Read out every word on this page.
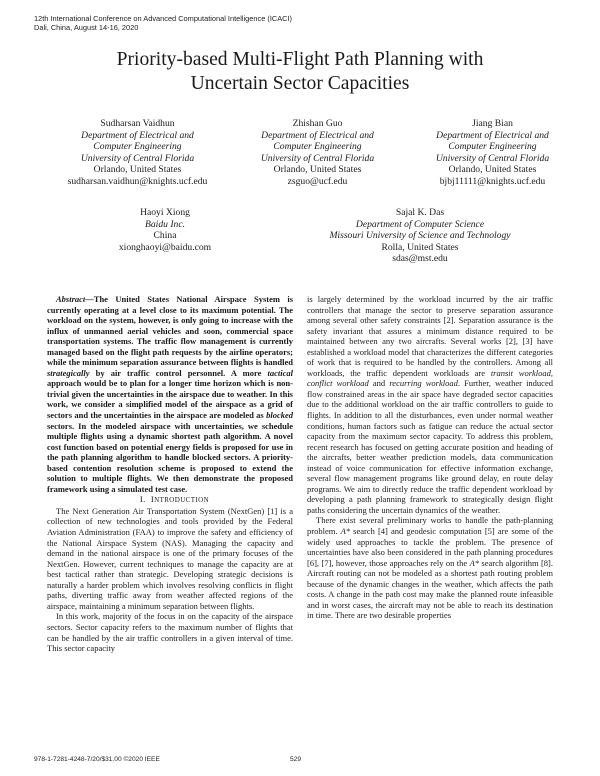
12th International Conference on Advanced Computational Intelligence (ICACI)
Dali, China, August 14-16, 2020
Priority-based Multi-Flight Path Planning with
Uncertain Sector Capacities
Sudharsan Vaidhun
Department of Electrical and
Computer Engineering
University of Central Florida
Orlando, United States
sudharsan.vaidhun@knights.ucf.edu
Zhishan Guo
Department of Electrical and
Computer Engineering
University of Central Florida
Orlando, United States
zsguo@ucf.edu
Jiang Bian
Department of Electrical and
Computer Engineering
University of Central Florida
Orlando, United States
bjbj11111@knights.ucf.edu
Haoyi Xiong
Baidu Inc.
China
xionghaoyi@baidu.com
Sajal K. Das
Department of Computer Science
Missouri University of Science and Technology
Rolla, United States
sdas@mst.edu

Abstract—The United States National Airspace System is currently operating at a level close to its maximum potential. The workload on the system, however, is only going to increase with the influx of unmanned aerial vehicles and soon, commercial space transportation systems. The traffic flow management is currently managed based on the flight path requests by the airline operators; while the minimum separation assurance between flights is handled strategically by air traffic control personnel. A more tactical approach would be to plan for a longer time horizon which is non-trivial given the uncertainties in the airspace due to weather. In this work, we consider a simplified model of the airspace as a grid of sectors and the uncertainties in the airspace are modeled as blocked sectors. In the modeled airspace with uncertainties, we schedule multiple flights using a dynamic shortest path algorithm. A novel cost function based on potential energy fields is proposed for use in the path planning algorithm to handle blocked sectors. A priority-based contention resolution scheme is proposed to extend the solution to multiple flights. We then demonstrate the proposed framework using a simulated test case.

I. INTRODUCTION

The Next Generation Air Transportation System (NextGen) [1] is a collection of new technologies and tools provided by the Federal Aviation Administration (FAA) to improve the safety and efficiency of the National Airspace System (NAS). Managing the capacity and demand in the national airspace is one of the primary focuses of the NextGen. However, current techniques to manage the capacity are at best tactical rather than strategic. Developing strategic decisions is naturally a harder problem which involves resolving conflicts in flight paths, diverting traffic away from weather affected regions of the airspace, maintaining a minimum separation between flights.

In this work, majority of the focus in on the capacity of the airspace sectors. Sector capacity refers to the maximum number of flights that can be handled by the air traffic controllers in a given interval of time. This sector capacity

is largely determined by the workload incurred by the air traffic controllers that manage the sector to preserve separation assurance among several other safety constraints [2]. Separation assurance is the safety invariant that assures a minimum distance required to be maintained between any two aircrafts. Several works [2], [3] have established a workload model that characterizes the different categories of work that is required to be handled by the controllers. Among all workloads, the traffic dependent workloads are transit workload, conflict workload and recurring workload. Further, weather induced flow constrained areas in the air space have degraded sector capacities due to the additional workload on the air traffic controllers to guide to flights. In addition to all the disturbances, even under normal weather conditions, human factors such as fatigue can reduce the actual sector capacity from the maximum sector capacity. To address this problem, recent research has focused on getting accurate position and heading of the aircrafts, better weather prediction models, data communication instead of voice communication for effective information exchange, several flow management programs like ground delay, en route delay programs. We aim to directly reduce the traffic dependent workload by developing a path planning framework to strategically design flight paths considering the uncertain dynamics of the weather.

There exist several preliminary works to handle the path-planning problem. A* search [4] and geodesic computation [5] are some of the widely used approaches to tackle the problem. The presence of uncertainties have also been considered in the path planning procedures [6], [7], however, those approaches rely on the A* search algorithm [8]. Aircraft routing can not be modeled as a shortest path routing problem because of the dynamic changes in the weather, which affects the path costs. A change in the path cost may make the planned route infeasible and in worst cases, the aircraft may not be able to reach its destination in time. There are two desirable properties

978-1-7281-4248-7/20/$31.00 ©2020 IEEE	529
